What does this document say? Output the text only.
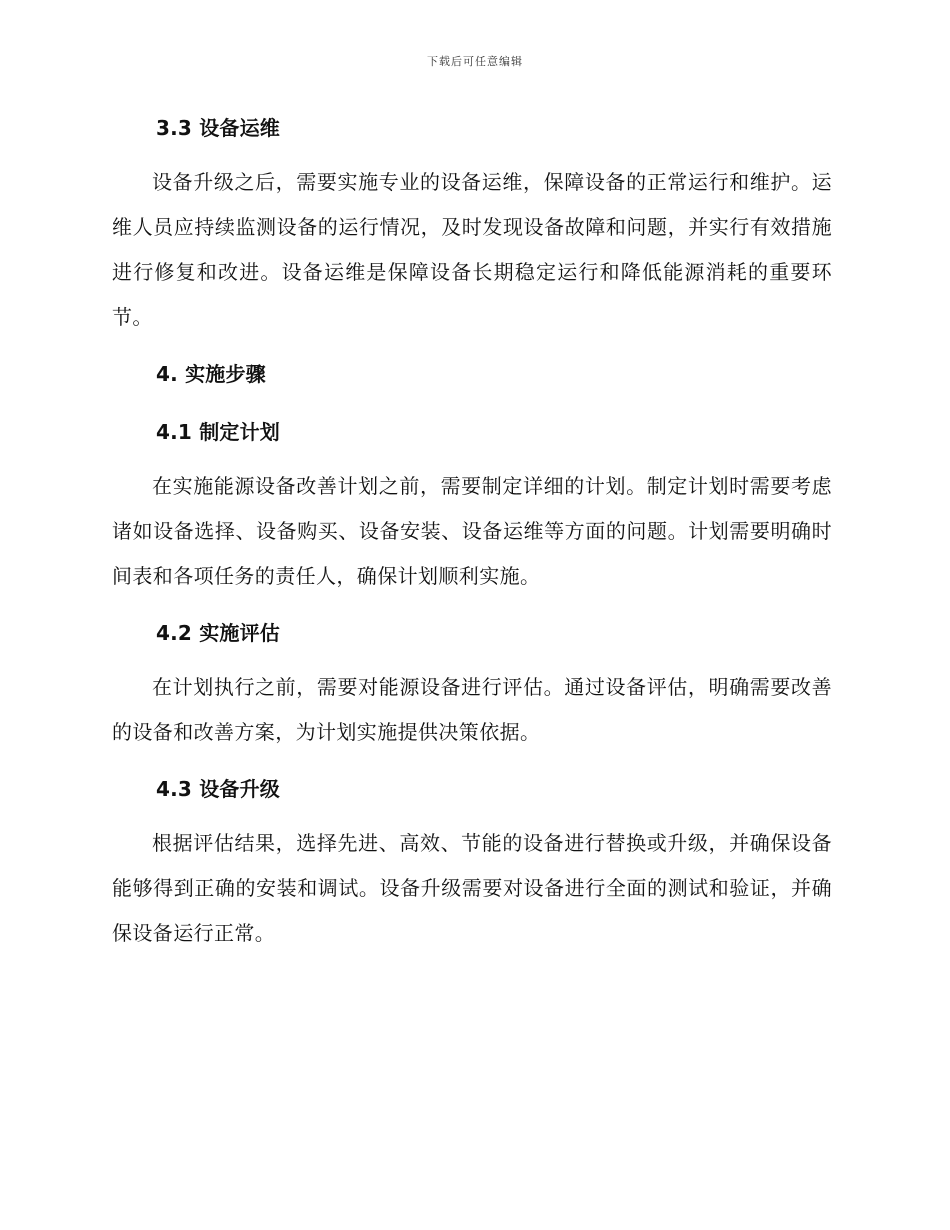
下载后可任意编辑
3.3 设备运维

设备升级之后，需要实施专业的设备运维，保障设备的正常运行和维护。运维人员应持续监测设备的运行情况，及时发现设备故障和问题，并实行有效措施进行修复和改进。设备运维是保障设备长期稳定运行和降低能源消耗的重要环节。

4. 实施步骤
4.1 制定计划

在实施能源设备改善计划之前，需要制定详细的计划。制定计划时需要考虑诸如设备选择、设备购买、设备安装、设备运维等方面的问题。计划需要明确时间表和各项任务的责任人，确保计划顺利实施。

4.2 实施评估

在计划执行之前，需要对能源设备进行评估。通过设备评估，明确需要改善的设备和改善方案，为计划实施提供决策依据。

4.3 设备升级

根据评估结果，选择先进、高效、节能的设备进行替换或升级，并确保设备能够得到正确的安装和调试。设备升级需要对设备进行全面的测试和验证，并确保设备运行正常。
